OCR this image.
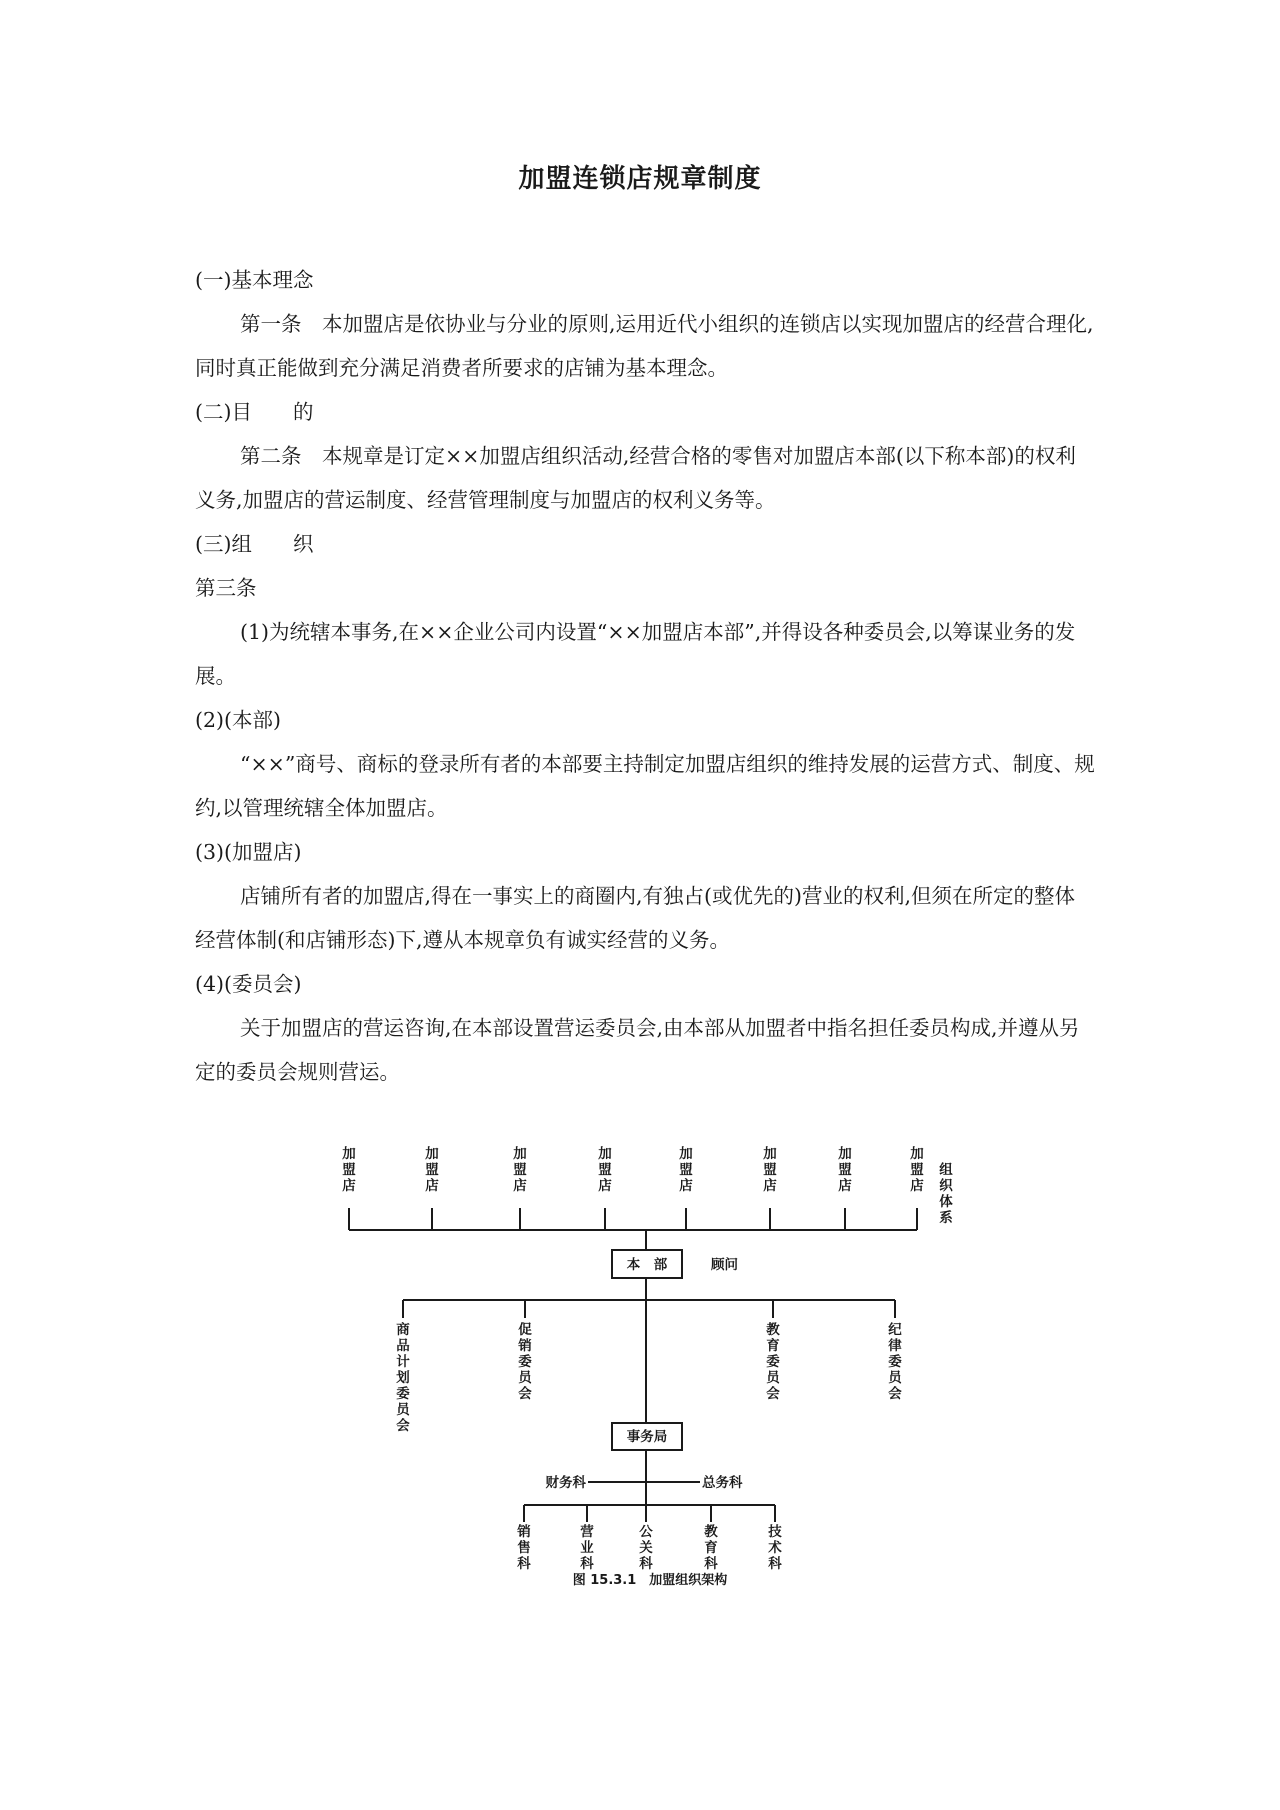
加盟连锁店规章制度

(一)基本理念

第一条　本加盟店是依协业与分业的原则,运用近代小组织的连锁店以实现加盟店的经营合理化,同时真正能做到充分满足消费者所要求的店铺为基本理念。

(二)目　　的

第二条　本规章是订定××加盟店组织活动,经营合格的零售对加盟店本部(以下称本部)的权利义务,加盟店的营运制度、经营管理制度与加盟店的权利义务等。

(三)组　　织

第三条

(1)为统辖本事务,在××企业公司内设置“××加盟店本部”,并得设各种委员会,以筹谋业务的发展。

(2)(本部)

“××”商号、商标的登录所有者的本部要主持制定加盟店组织的维持发展的运营方式、制度、规约,以管理统辖全体加盟店。

(3)(加盟店)

店铺所有者的加盟店,得在一事实上的商圈内,有独占(或优先的)营业的权利,但须在所定的整体经营体制(和店铺形态)下,遵从本规章负有诚实经营的义务。

(4)(委员会)

关于加盟店的营运咨询,在本部设置营运委员会,由本部从加盟者中指名担任委员构成,并遵从另定的委员会规则营运。

加盟店
加盟店
加盟店
加盟店
加盟店
加盟店
加盟店
加盟店
组织体系
本　部	顾问
商品计划委员会
促销委员会
教育委员会
纪律委员会
事务局
财务科	总务科
销售科
营业科
公关科
教育科
技术科
图 15.3.1　加盟组织架构
